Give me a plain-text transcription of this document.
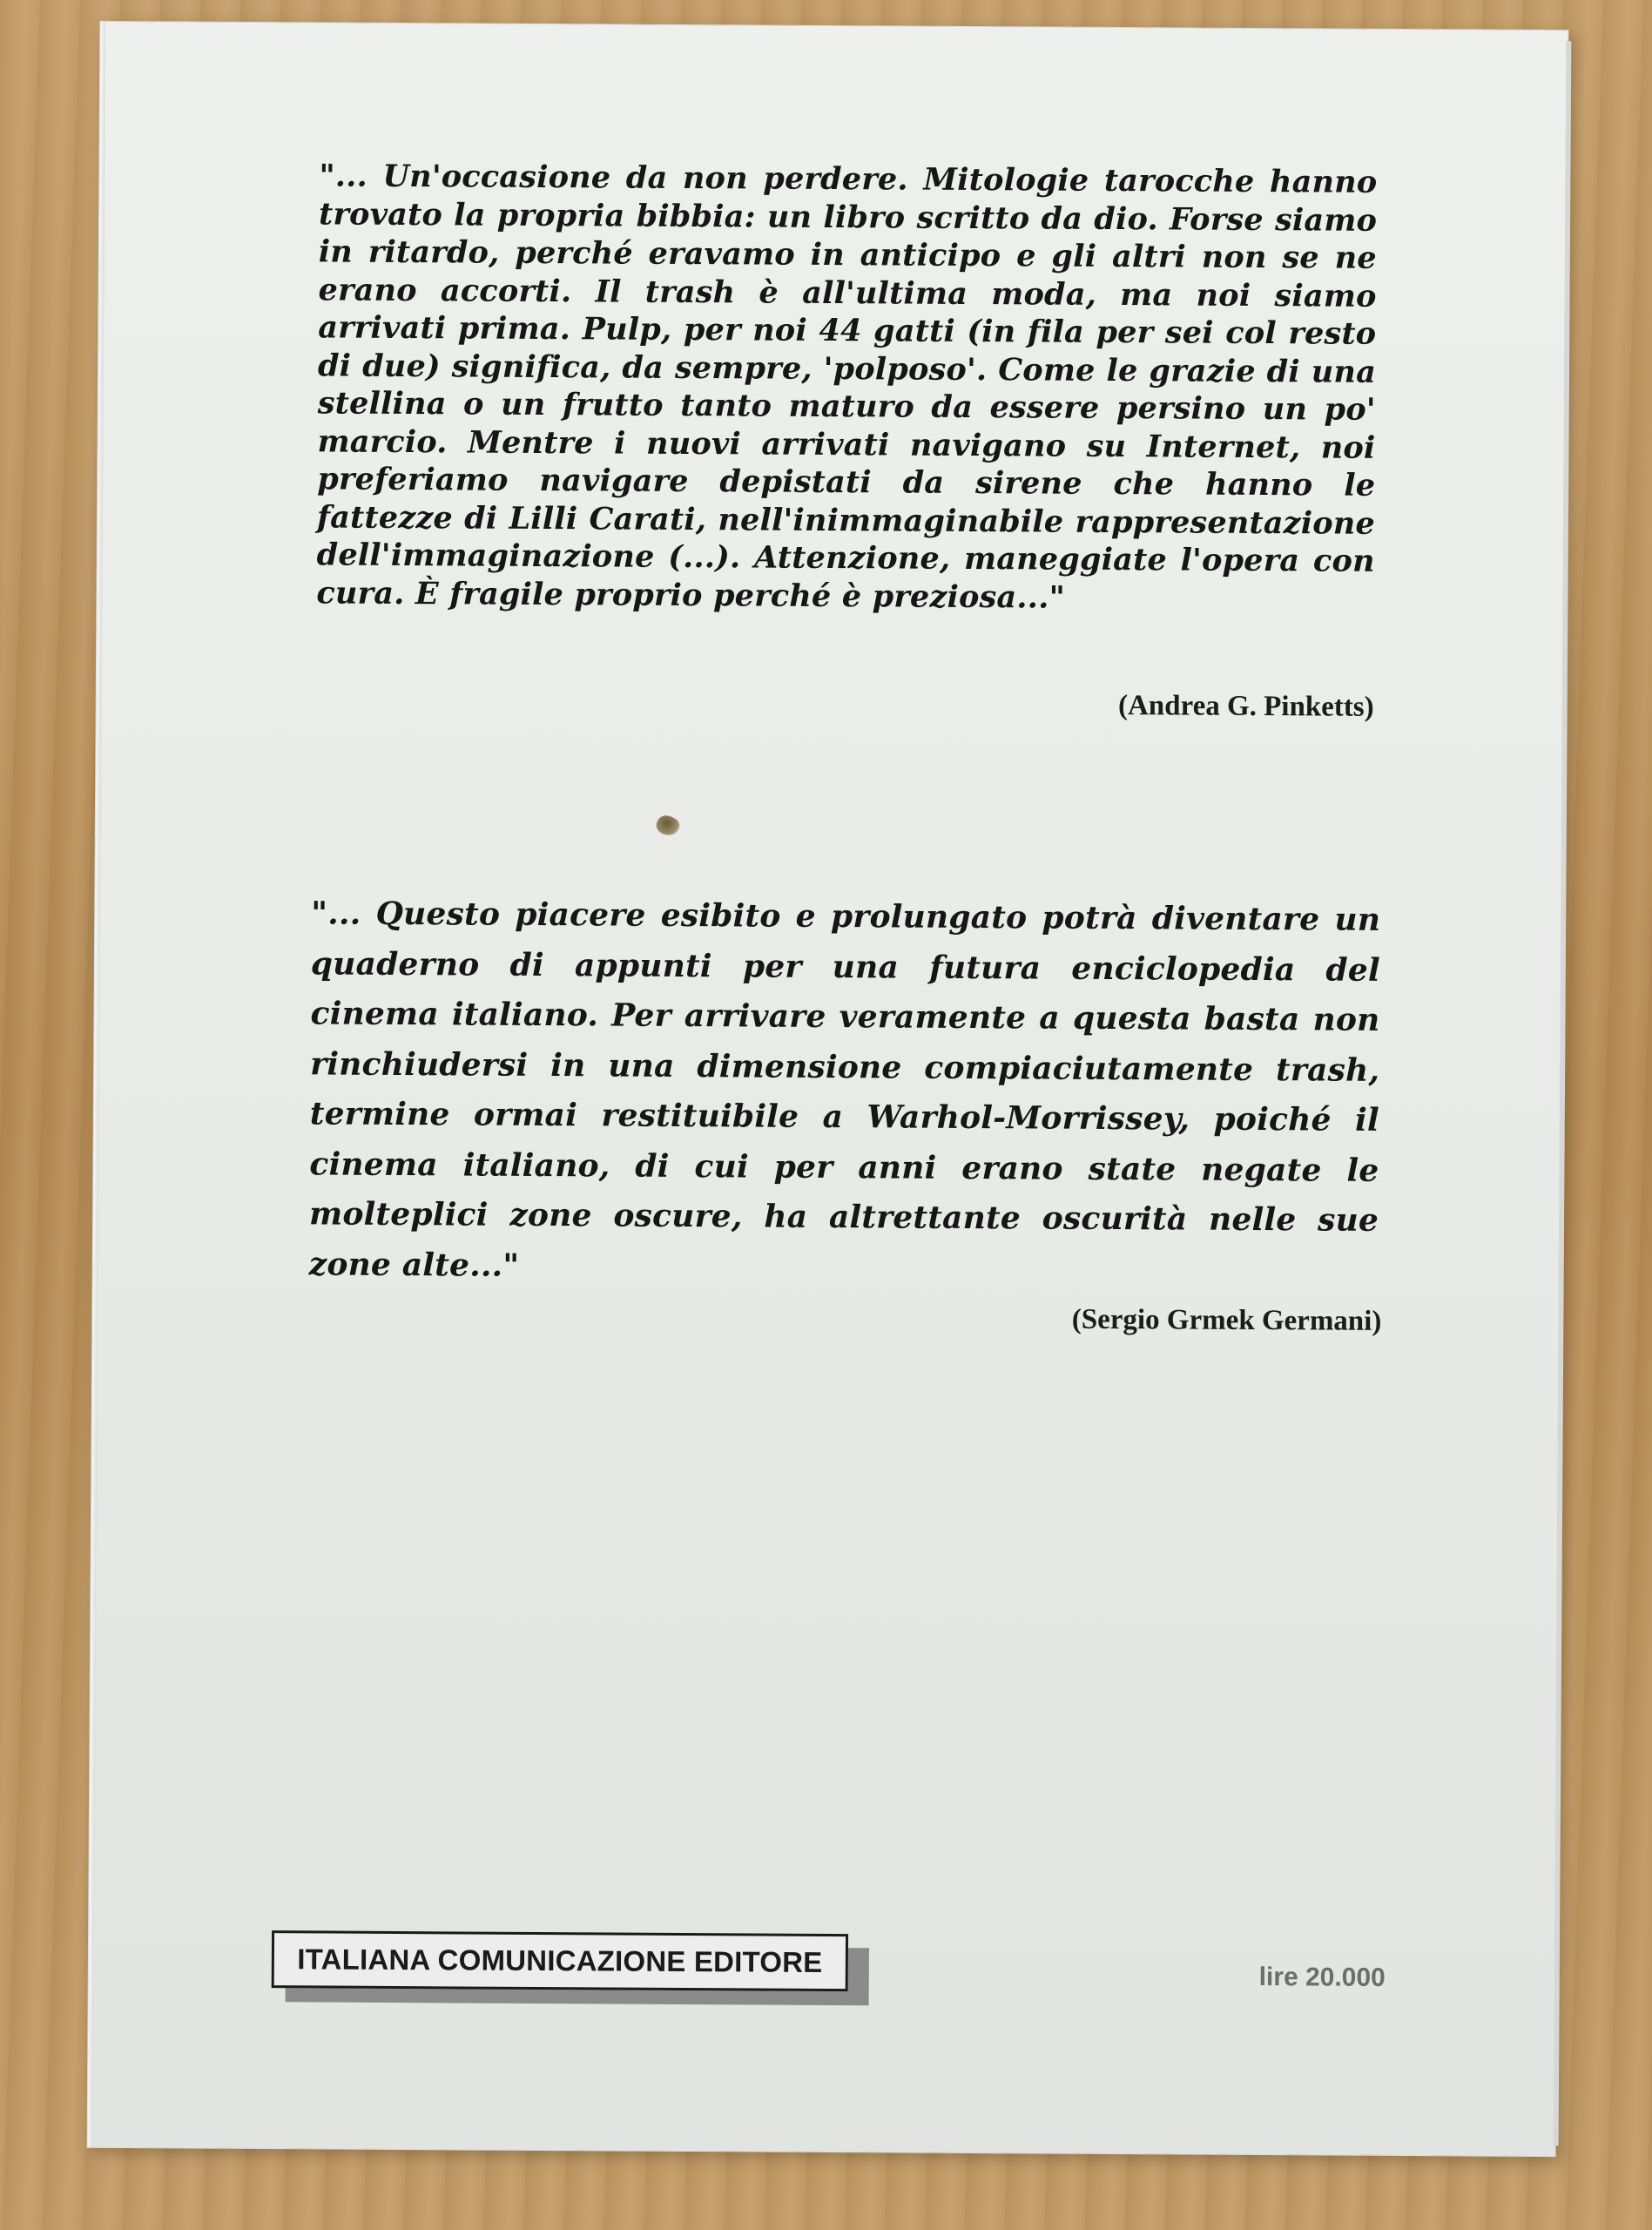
"... Un'occasione da non perdere. Mitologie tarocche hanno trovato la propria bibbia: un libro scritto da dio. Forse siamo in ritardo, perché eravamo in anticipo e gli altri non se ne erano accorti. Il trash è all'ultima moda, ma noi siamo arrivati prima. Pulp, per noi 44 gatti (in fila per sei col resto di due) significa, da sempre, 'polposo'. Come le grazie di una stellina o un frutto tanto maturo da essere persino un po' marcio. Mentre i nuovi arrivati navigano su Internet, noi preferiamo navigare depistati da sirene che hanno le fattezze di Lilli Carati, nell'inimmaginabile rappresentazione dell'immaginazione (...). Attenzione, maneggiate l'opera con cura. È fragile proprio perché è preziosa..."

(Andrea G. Pinketts)

"... Questo piacere esibito e prolungato potrà diventare un quaderno di appunti per una futura enciclopedia del cinema italiano. Per arrivare veramente a questa basta non rinchiudersi in una dimensione compiaciutamente trash, termine ormai restituibile a Warhol-Morrissey, poiché il cinema italiano, di cui per anni erano state negate le molteplici zone oscure, ha altrettante oscurità nelle sue zone alte..."

(Sergio Grmek Germani)
ITALIANA COMUNICAZIONE EDITORE	lire 20.000
